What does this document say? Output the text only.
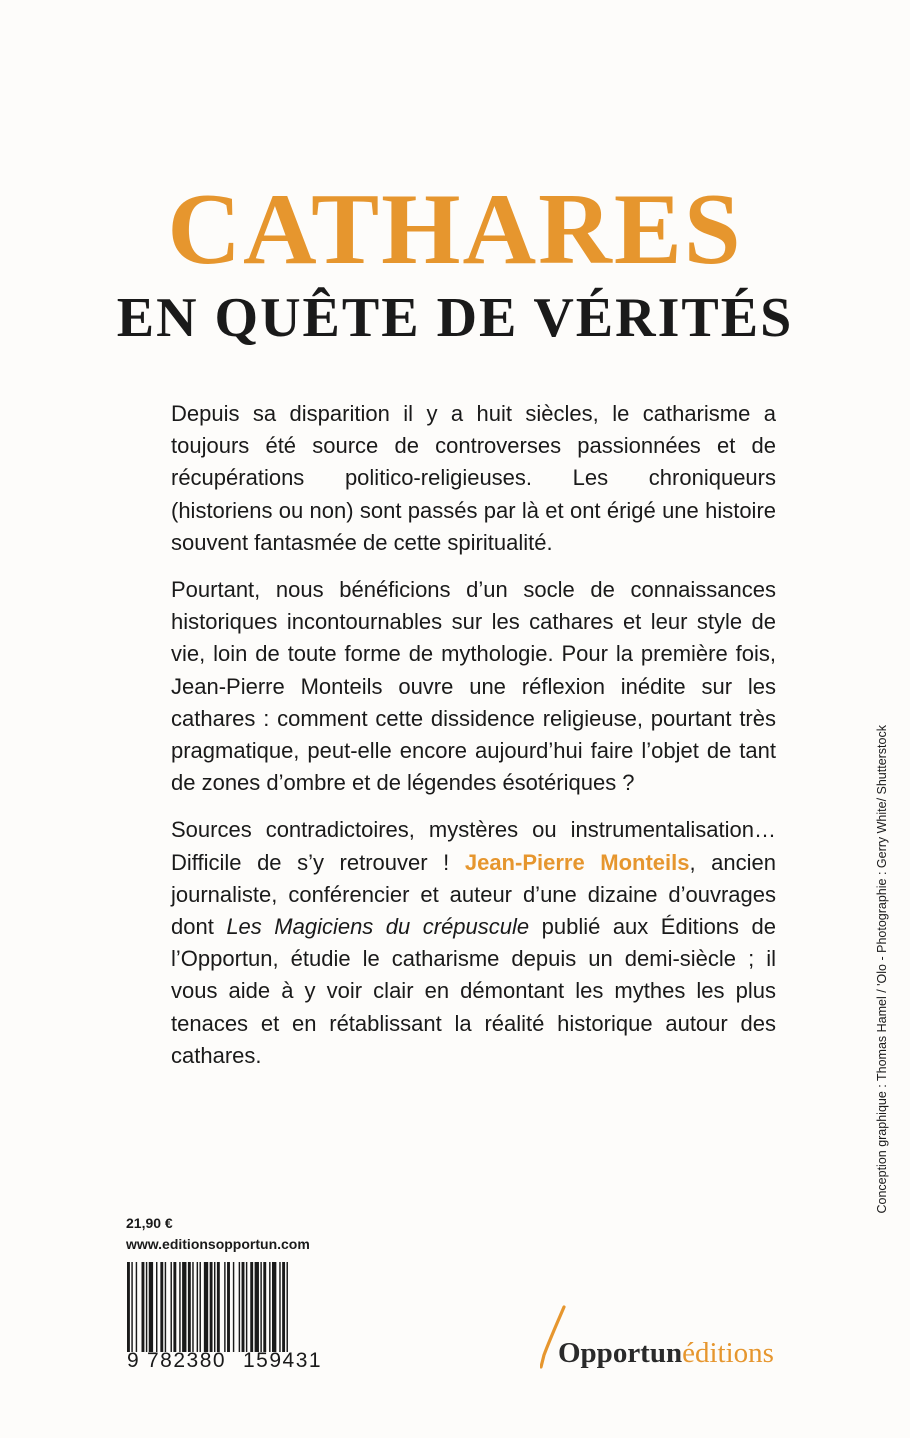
CATHARES
EN QUÊTE DE VÉRITÉS

Depuis sa disparition il y a huit siècles, le catharisme a toujours été source de controverses passionnées et de récupérations politico-religieuses. Les chroniqueurs (historiens ou non) sont passés par là et ont érigé une histoire souvent fantasmée de cette spiritualité.

Pourtant, nous bénéficions d’un socle de connaissances historiques incontournables sur les cathares et leur style de vie, loin de toute forme de mythologie. Pour la première fois, Jean-Pierre Monteils ouvre une réflexion inédite sur les cathares : comment cette dissidence religieuse, pourtant très pragmatique, peut-elle encore aujourd’hui faire l’objet de tant de zones d’ombre et de légendes ésotériques ?

Sources contradictoires, mystères ou instrumentalisation… Difficile de s’y retrouver ! Jean-Pierre Monteils, ancien journaliste, conférencier et auteur d’une dizaine d’ouvrages dont Les Magiciens du crépuscule publié aux Éditions de l’Opportun, étudie le catharisme depuis un demi-siècle ; il vous aide à y voir clair en démontant les mythes les plus tenaces et en rétablissant la réalité historique autour des cathares.

21,90 €
www.editionsopportun.com
9 782380 159431	Opportunéditions
Conception graphique : Thomas Hamel / 'Olo - Photographie : Gerry White/ Shutterstock
